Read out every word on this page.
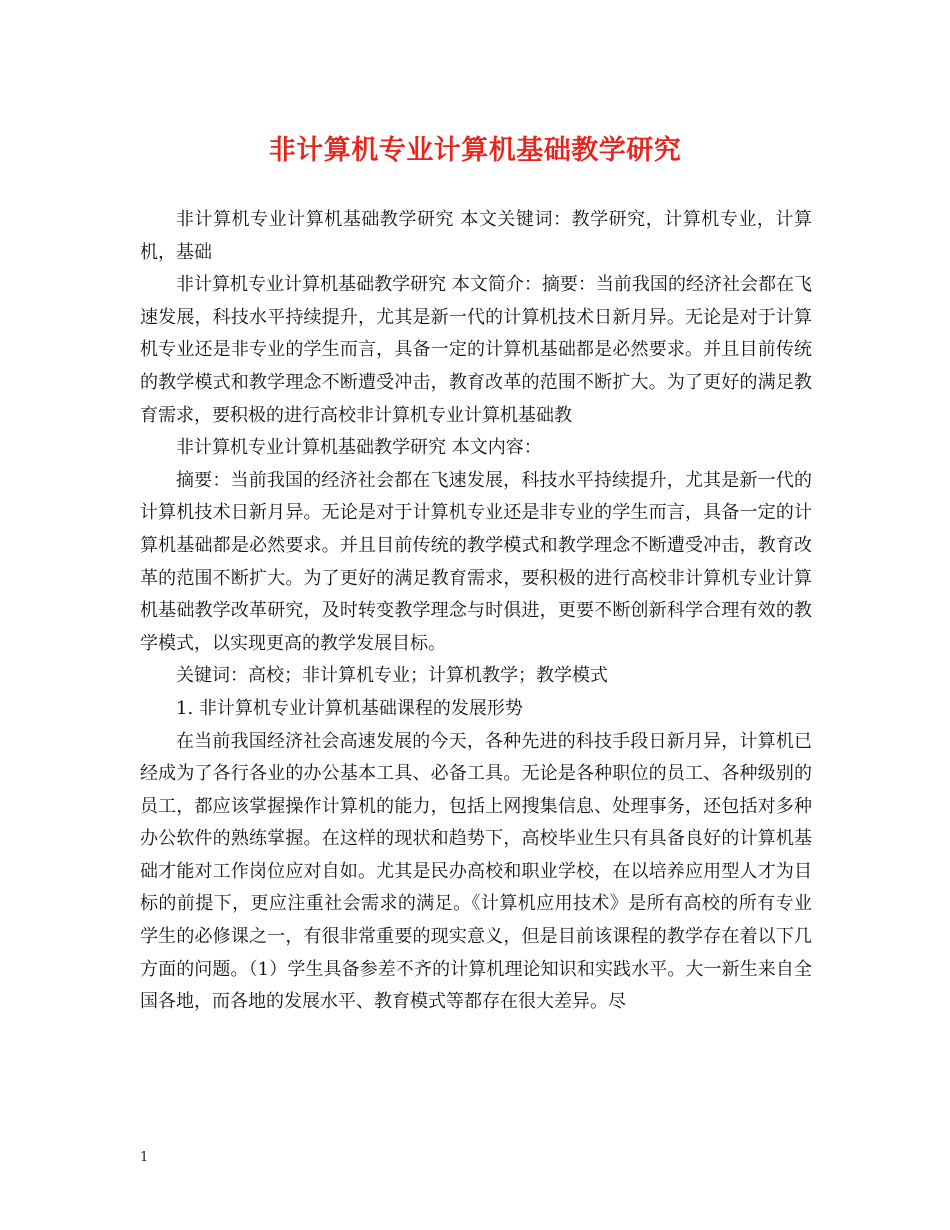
非计算机专业计算机基础教学研究

非计算机专业计算机基础教学研究 本文关键词：教学研究，计算机专业，计算机，基础

非计算机专业计算机基础教学研究 本文简介：摘要：当前我国的经济社会都在飞速发展，科技水平持续提升，尤其是新一代的计算机技术日新月异。无论是对于计算机专业还是非专业的学生而言，具备一定的计算机基础都是必然要求。并且目前传统的教学模式和教学理念不断遭受冲击，教育改革的范围不断扩大。为了更好的满足教育需求，要积极的进行高校非计算机专业计算机基础教

非计算机专业计算机基础教学研究 本文内容：

摘要：当前我国的经济社会都在飞速发展，科技水平持续提升，尤其是新一代的计算机技术日新月异。无论是对于计算机专业还是非专业的学生而言，具备一定的计算机基础都是必然要求。并且目前传统的教学模式和教学理念不断遭受冲击，教育改革的范围不断扩大。为了更好的满足教育需求，要积极的进行高校非计算机专业计算机基础教学改革研究，及时转变教学理念与时俱进，更要不断创新科学合理有效的教学模式，以实现更高的教学发展目标。

关键词：高校；非计算机专业；计算机教学；教学模式

1. 非计算机专业计算机基础课程的发展形势

在当前我国经济社会高速发展的今天，各种先进的科技手段日新月异，计算机已经成为了各行各业的办公基本工具、必备工具。无论是各种职位的员工、各种级别的员工，都应该掌握操作计算机的能力，包括上网搜集信息、处理事务，还包括对多种办公软件的熟练掌握。在这样的现状和趋势下，高校毕业生只有具备良好的计算机基础才能对工作岗位应对自如。尤其是民办高校和职业学校，在以培养应用型人才为目标的前提下，更应注重社会需求的满足。《计算机应用技术》是所有高校的所有专业学生的必修课之一，有很非常重要的现实意义，但是目前该课程的教学存在着以下几方面的问题。（1）学生具备参差不齐的计算机理论知识和实践水平。大一新生来自全国各地，而各地的发展水平、教育模式等都存在很大差异。尽

1
